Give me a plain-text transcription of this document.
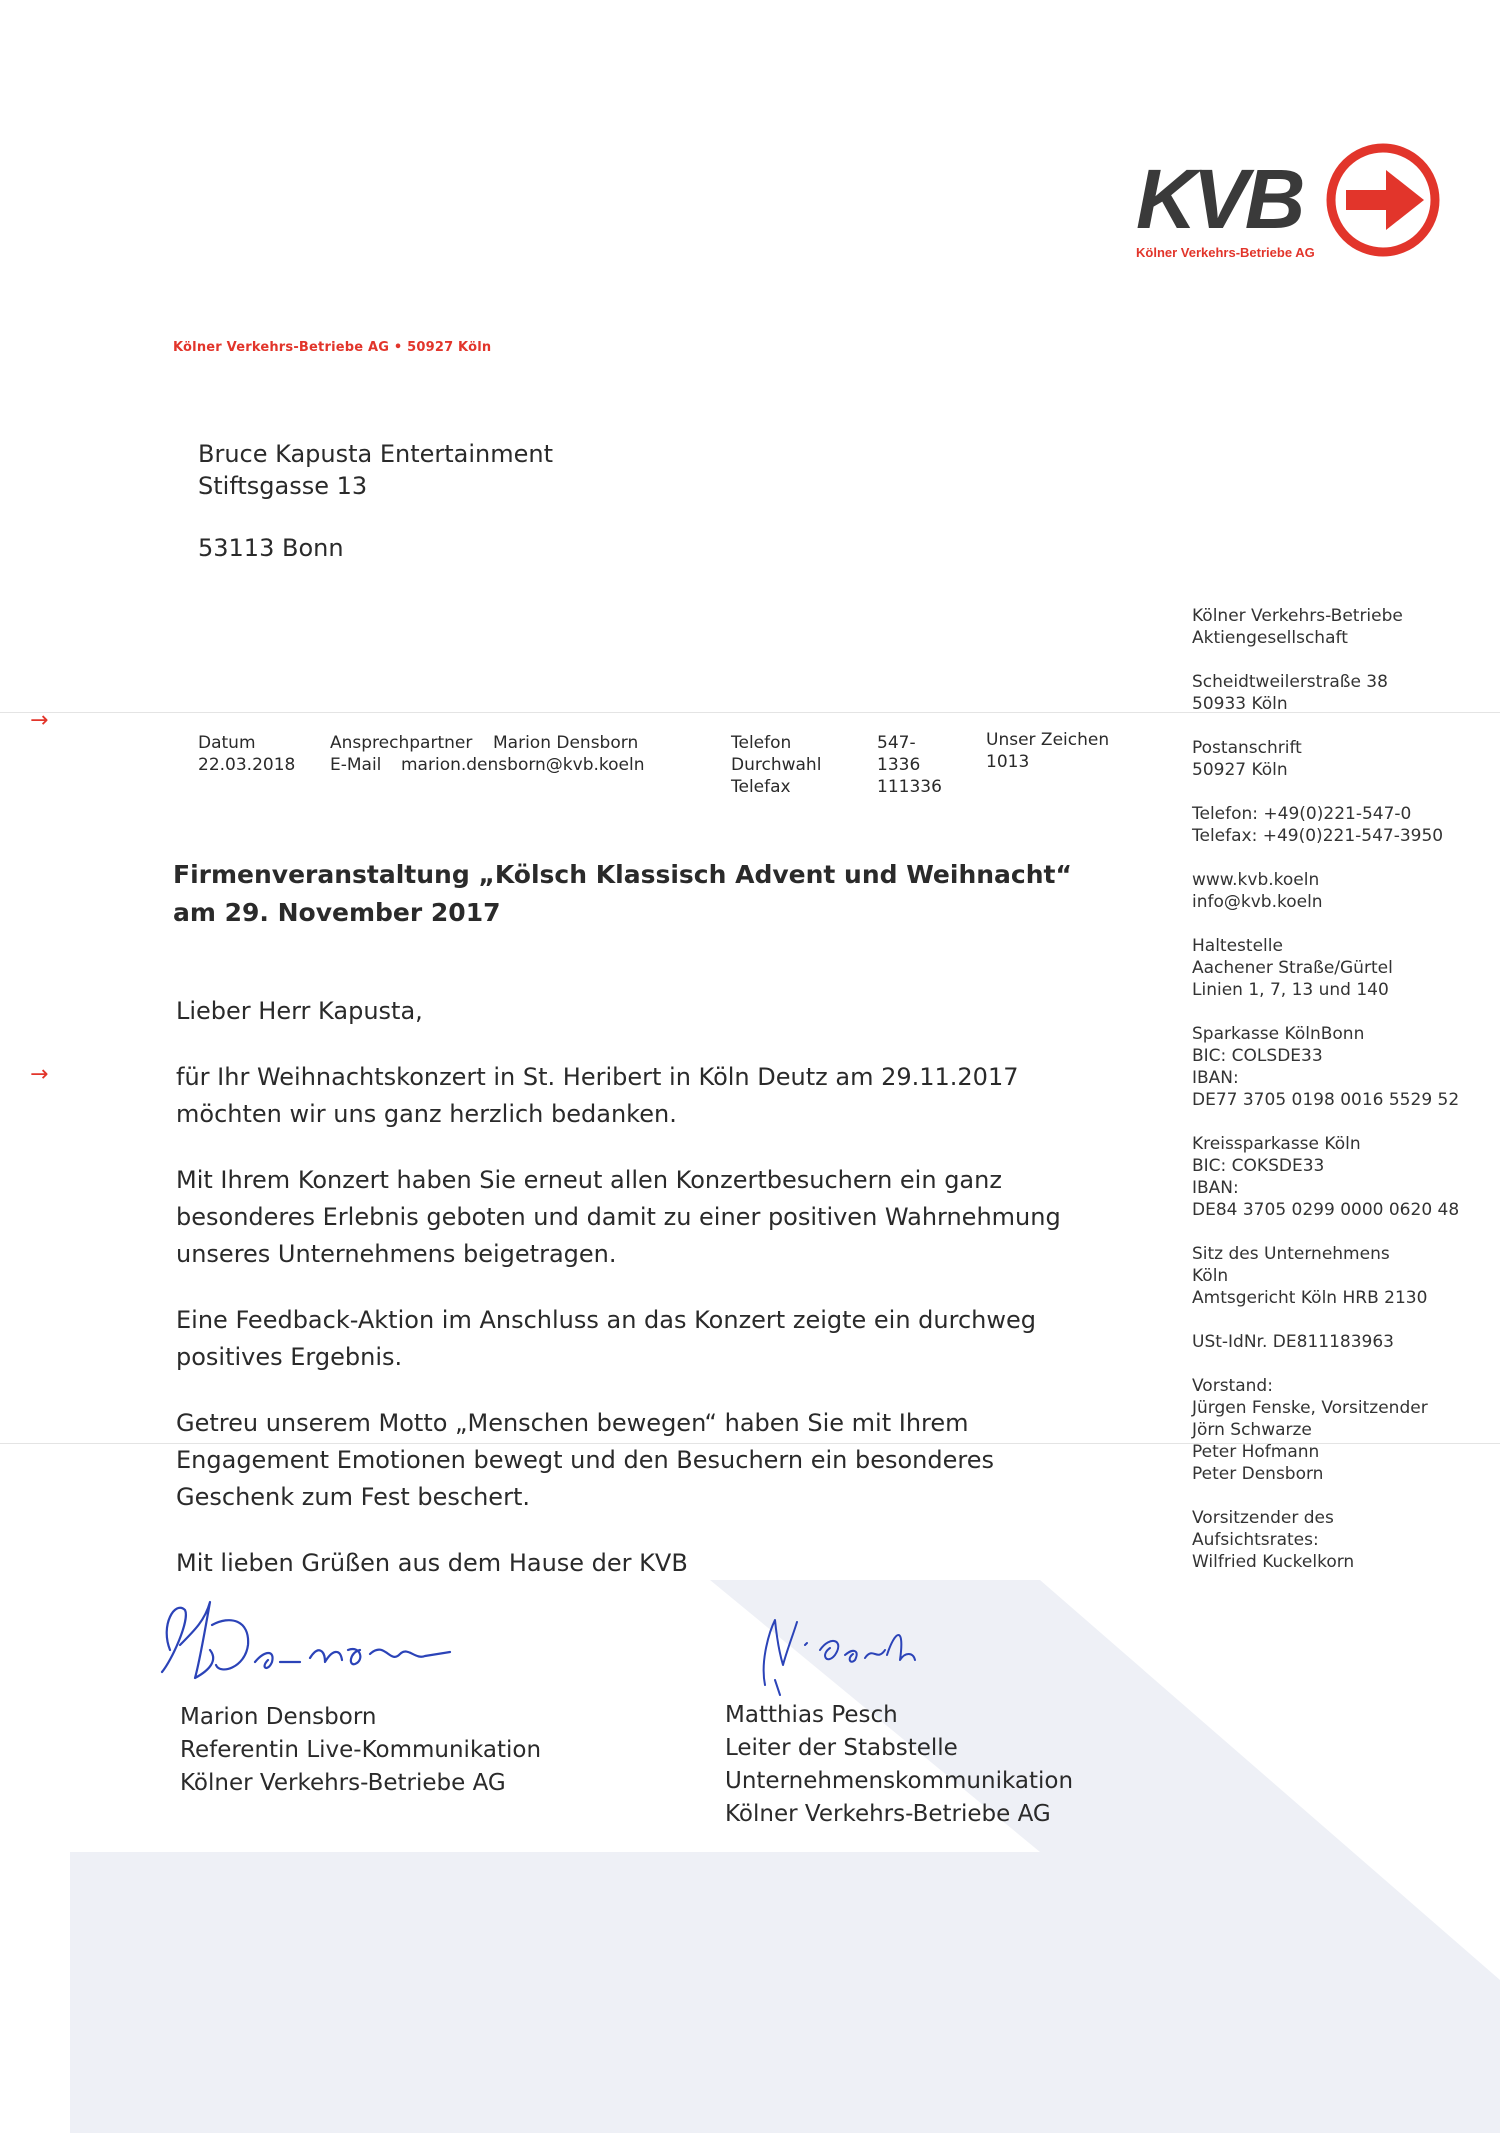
KVB
Kölner Verkehrs-Betriebe AG
Kölner Verkehrs-Betriebe AG • 50927 Köln
Bruce Kapusta Entertainment
Stiftsgasse 13
53113 Bonn
→
→
Datum
22.03.2018
Ansprechpartner
E-Mail
Marion Densborn
marion.densborn@kvb.koeln
Telefon
Durchwahl
Telefax
547-
1336
111336
Unser Zeichen
1013
Firmenveranstaltung „Kölsch Klassisch Advent und Weihnacht“
am 29. November 2017

Lieber Herr Kapusta,

für Ihr Weihnachtskonzert in St. Heribert in Köln Deutz am 29.11.2017
möchten wir uns ganz herzlich bedanken.

Mit Ihrem Konzert haben Sie erneut allen Konzertbesuchern ein ganz
besonderes Erlebnis geboten und damit zu einer positiven Wahrnehmung
unseres Unternehmens beigetragen.

Eine Feedback-Aktion im Anschluss an das Konzert zeigte ein durchweg
positives Ergebnis.

Getreu unserem Motto „Menschen bewegen“ haben Sie mit Ihrem
Engagement Emotionen bewegt und den Besuchern ein besonderes
Geschenk zum Fest beschert.

Mit lieben Grüßen aus dem Hause der KVB

Marion Densborn
Referentin Live-Kommunikation
Kölner Verkehrs-Betriebe AG
Matthias Pesch
Leiter der Stabstelle
Unternehmenskommunikation
Kölner Verkehrs-Betriebe AG
Kölner Verkehrs-Betriebe
Aktiengesellschaft
Scheidtweilerstraße 38
50933 Köln
Postanschrift
50927 Köln
Telefon: +49(0)221-547-0
Telefax: +49(0)221-547-3950
www.kvb.koeln
info@kvb.koeln
Haltestelle
Aachener Straße/Gürtel
Linien 1, 7, 13 und 140
Sparkasse KölnBonn
BIC: COLSDE33
IBAN:
DE77 3705 0198 0016 5529 52
Kreissparkasse Köln
BIC: COKSDE33
IBAN:
DE84 3705 0299 0000 0620 48
Sitz des Unternehmens
Köln
Amtsgericht Köln HRB 2130
USt-IdNr. DE811183963
Vorstand:
Jürgen Fenske, Vorsitzender
Jörn Schwarze
Peter Hofmann
Peter Densborn
Vorsitzender des
Aufsichtsrates:
Wilfried Kuckelkorn
